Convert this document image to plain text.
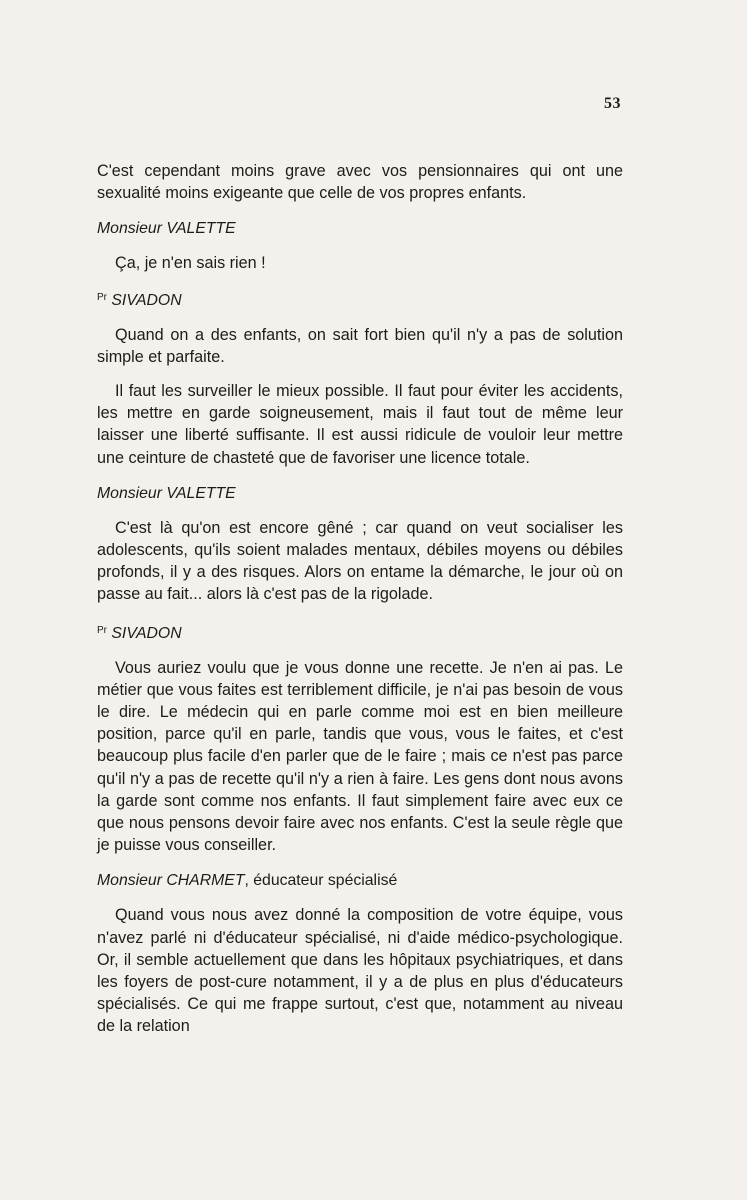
53

C'est cependant moins grave avec vos pensionnaires qui ont une sexualité moins exigeante que celle de vos propres enfants.

Monsieur VALETTE

Ça, je n'en sais rien !

$^{Pr}$ SIVADON

Quand on a des enfants, on sait fort bien qu'il n'y a pas de solution simple et parfaite.

Il faut les surveiller le mieux possible. Il faut pour éviter les accidents, les mettre en garde soigneusement, mais il faut tout de même leur laisser une liberté suffisante. Il est aussi ridicule de vouloir leur mettre une ceinture de chasteté que de favoriser une licence totale.

Monsieur VALETTE

C'est là qu'on est encore gêné ; car quand on veut socialiser les adolescents, qu'ils soient malades mentaux, débiles moyens ou débiles profonds, il y a des risques. Alors on entame la démarche, le jour où on passe au fait... alors là c'est pas de la rigolade.

$^{Pr}$ SIVADON

Vous auriez voulu que je vous donne une recette. Je n'en ai pas. Le métier que vous faites est terriblement difficile, je n'ai pas besoin de vous le dire. Le médecin qui en parle comme moi est en bien meilleure position, parce qu'il en parle, tandis que vous, vous le faites, et c'est beaucoup plus facile d'en parler que de le faire ; mais ce n'est pas parce qu'il n'y a pas de recette qu'il n'y a rien à faire. Les gens dont nous avons la garde sont comme nos enfants. Il faut simplement faire avec eux ce que nous pensons devoir faire avec nos enfants. C'est la seule règle que je puisse vous conseiller.

Monsieur CHARMET, éducateur spécialisé

Quand vous nous avez donné la composition de votre équipe, vous n'avez parlé ni d'éducateur spécialisé, ni d'aide médico-psychologique. Or, il semble actuellement que dans les hôpitaux psychiatriques, et dans les foyers de post-cure notamment, il y a de plus en plus d'éducateurs spécialisés. Ce qui me frappe surtout, c'est que, notamment au niveau de la relation
